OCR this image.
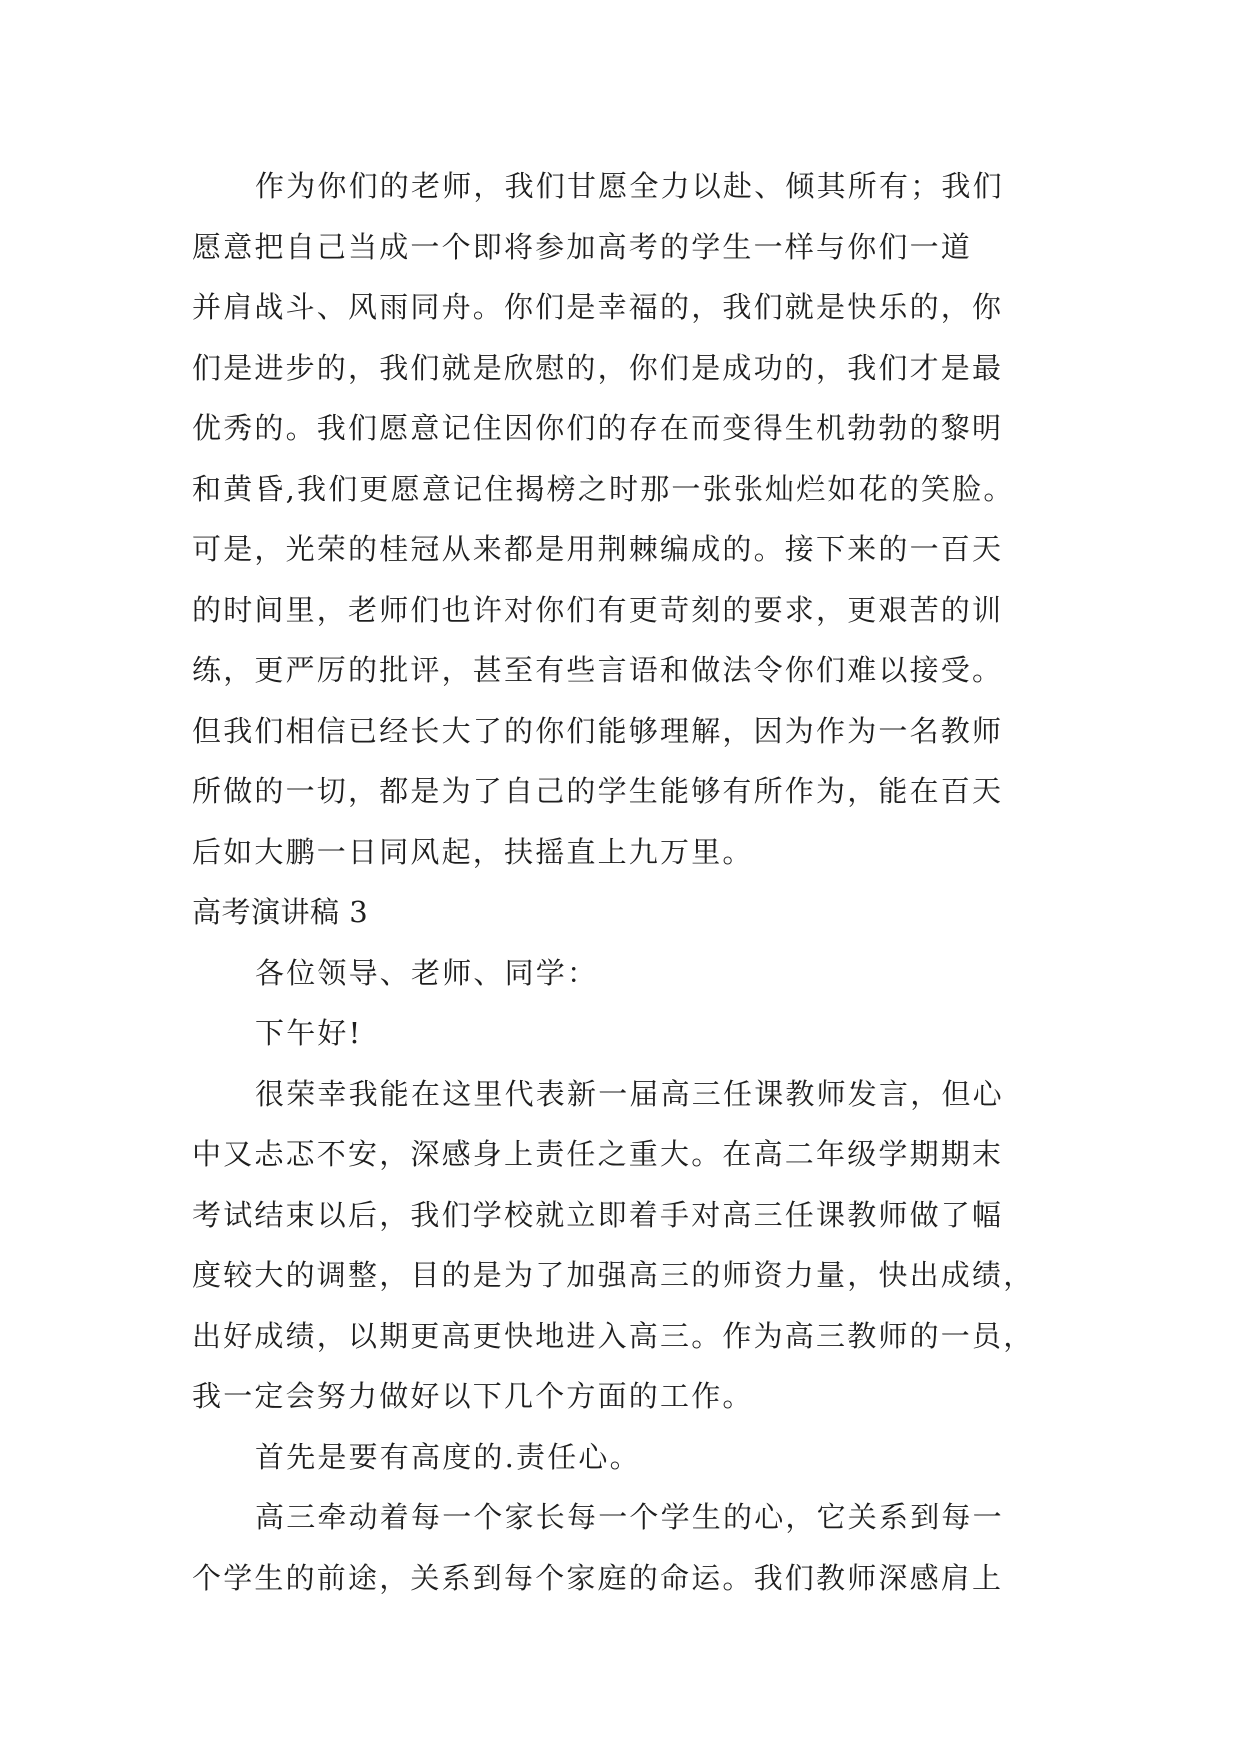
作为你们的老师，我们甘愿全力以赴、倾其所有；我们
愿意把自己当成一个即将参加高考的学生一样与你们一道
并肩战斗、风雨同舟。你们是幸福的，我们就是快乐的，你
们是进步的，我们就是欣慰的，你们是成功的，我们才是最
优秀的。我们愿意记住因你们的存在而变得生机勃勃的黎明
和黄昏,我们更愿意记住揭榜之时那一张张灿烂如花的笑脸。
可是，光荣的桂冠从来都是用荆棘编成的。接下来的一百天
的时间里，老师们也许对你们有更苛刻的要求，更艰苦的训
练，更严厉的批评，甚至有些言语和做法令你们难以接受。
但我们相信已经长大了的你们能够理解，因为作为一名教师
所做的一切，都是为了自己的学生能够有所作为，能在百天
后如大鹏一日同风起，扶摇直上九万里。
高考演讲稿 3
各位领导、老师、同学：
下午好!
很荣幸我能在这里代表新一届高三任课教师发言，但心
中又忐忑不安，深感身上责任之重大。在高二年级学期期末
考试结束以后，我们学校就立即着手对高三任课教师做了幅
度较大的调整，目的是为了加强高三的师资力量，快出成绩，
出好成绩，以期更高更快地进入高三。作为高三教师的一员，
我一定会努力做好以下几个方面的工作。
首先是要有高度的.责任心。
高三牵动着每一个家长每一个学生的心，它关系到每一
个学生的前途，关系到每个家庭的命运。我们教师深感肩上
